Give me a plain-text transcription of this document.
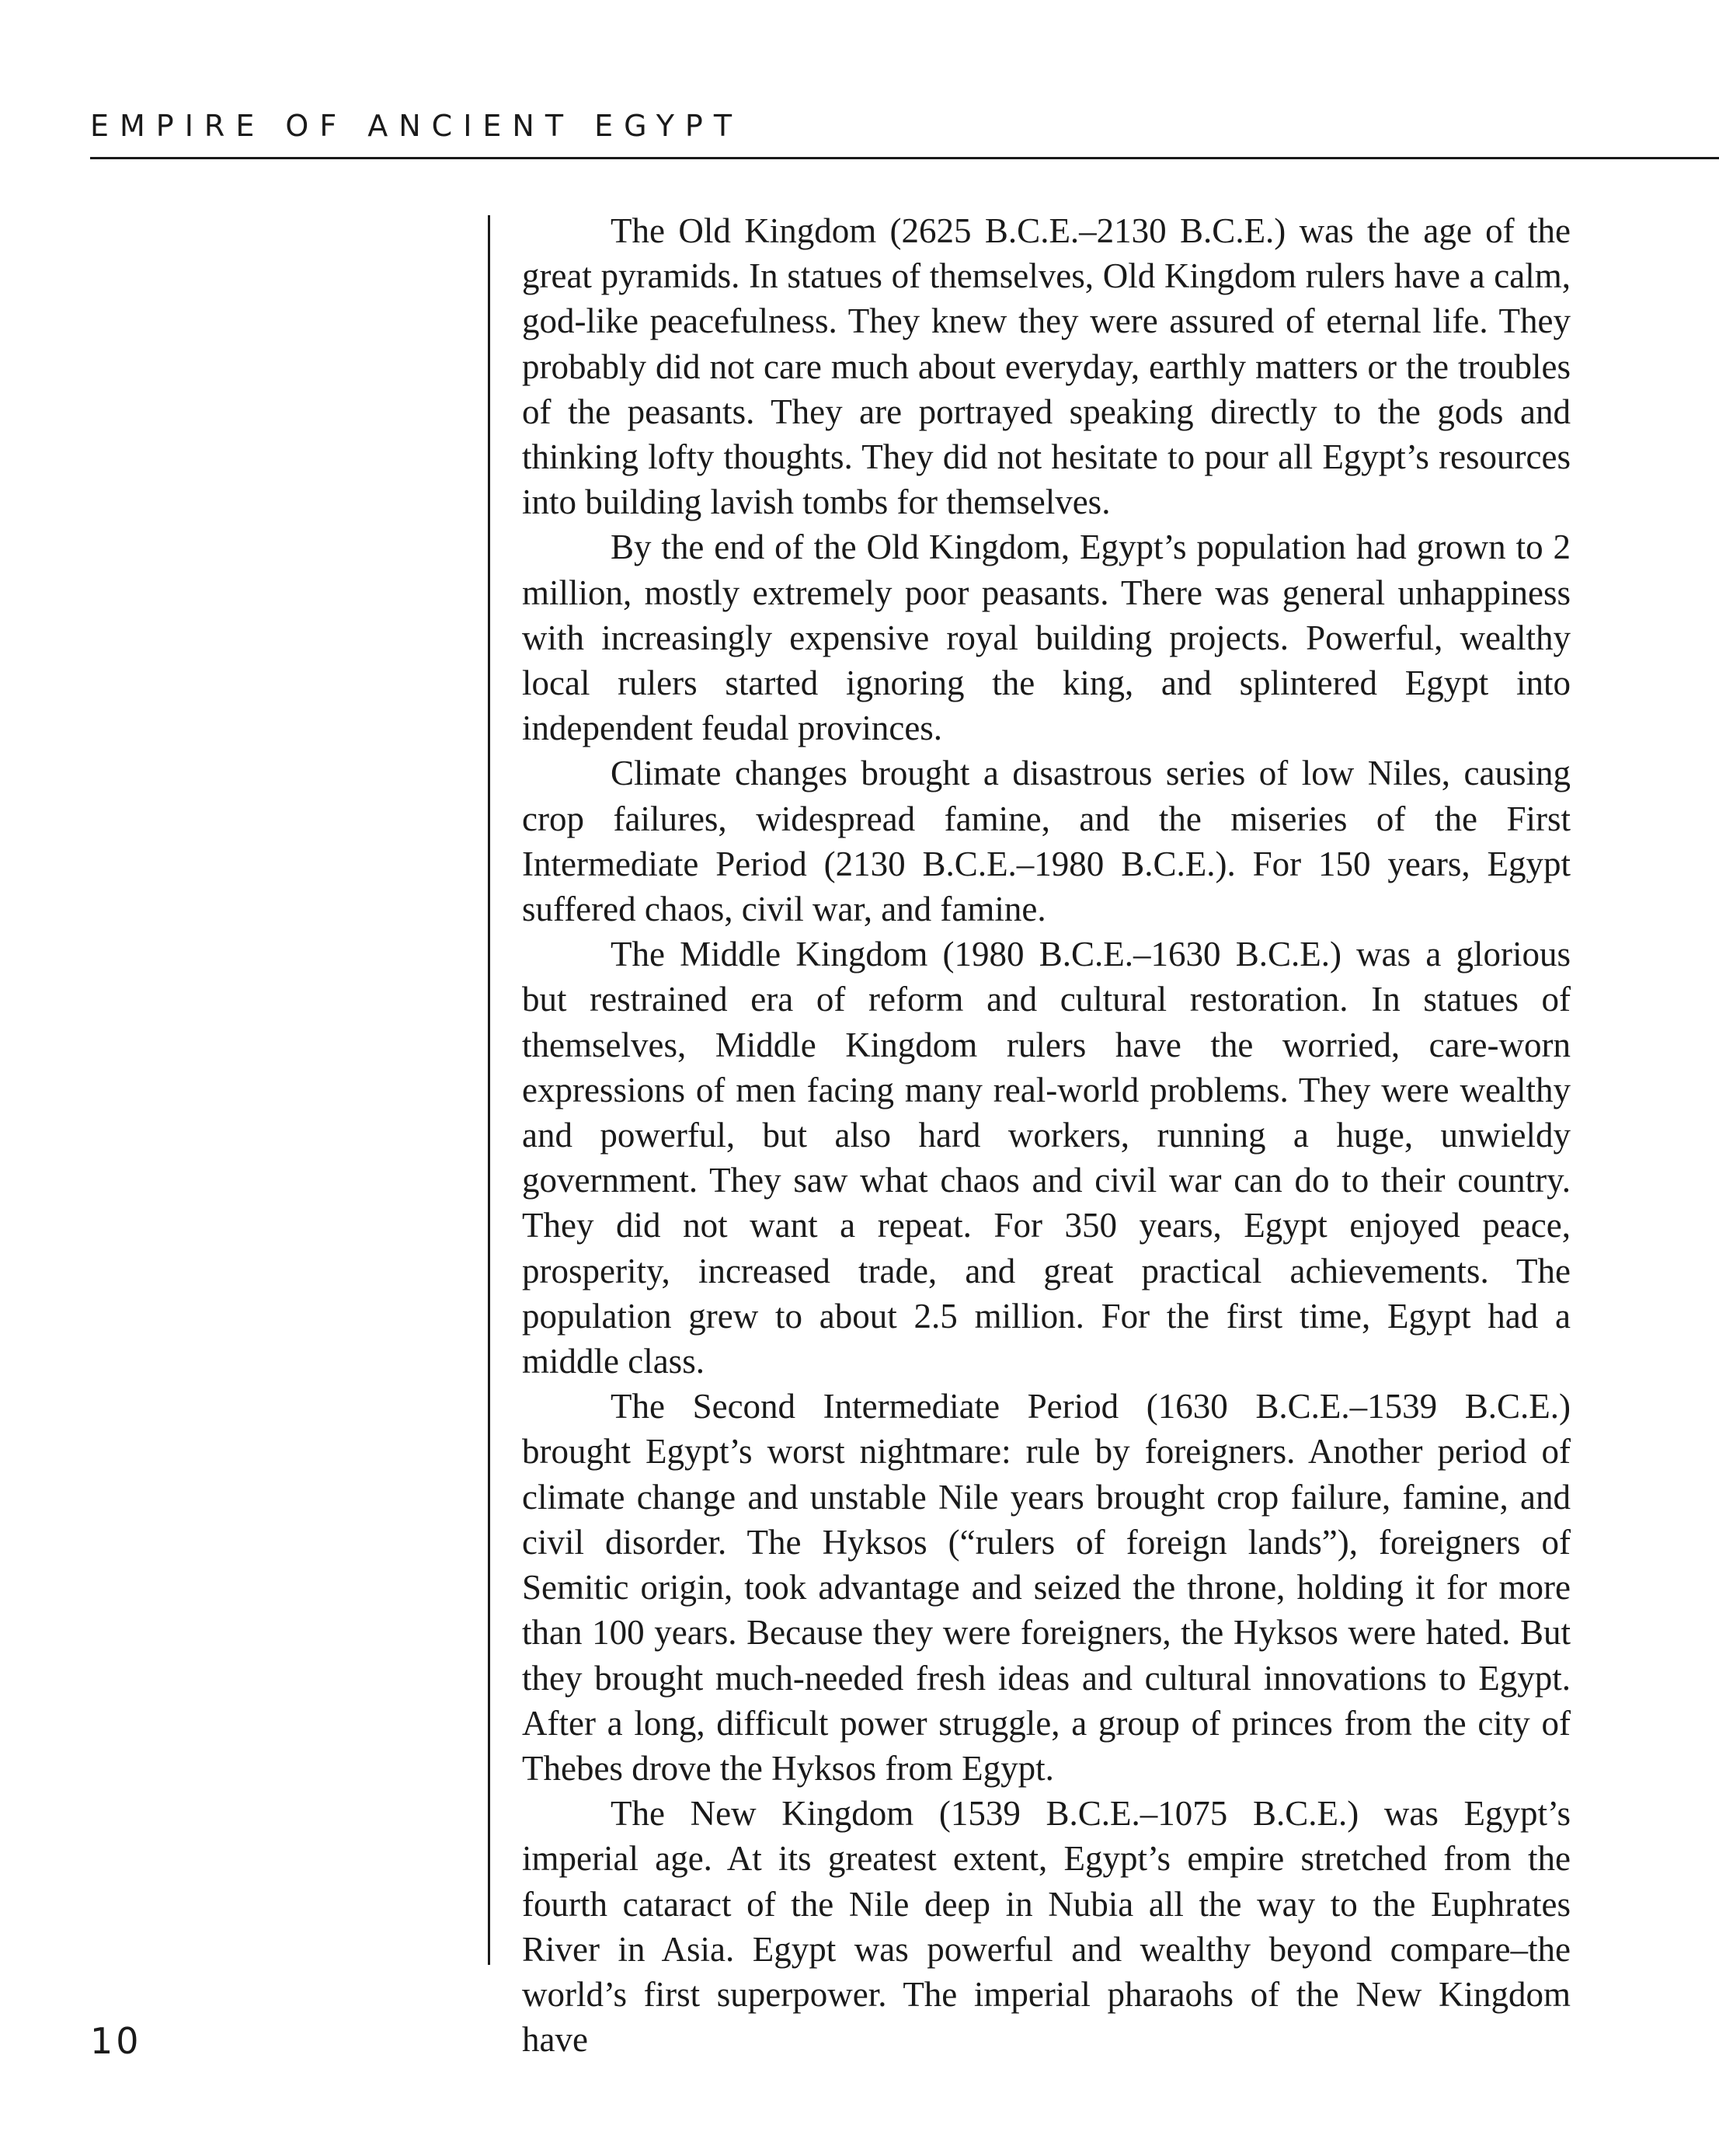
EMPIRE OF ANCIENT EGYPT

The Old Kingdom (2625 B.C.E.–2130 B.C.E.) was the age of the great pyramids. In statues of themselves, Old Kingdom rulers have a calm, god-like peacefulness. They knew they were assured of eternal life. They probably did not care much about everyday, earthly matters or the troubles of the peasants. They are portrayed speaking directly to the gods and thinking lofty thoughts. They did not hesitate to pour all Egypt’s resources into building lavish tombs for themselves.

By the end of the Old Kingdom, Egypt’s population had grown to 2 million, mostly extremely poor peasants. There was general unhappiness with increasingly expensive royal building projects. Powerful, wealthy local rulers started ignoring the king, and splintered Egypt into independent feudal provinces.

Climate changes brought a disastrous series of low Niles, causing crop failures, widespread famine, and the miseries of the First Intermediate Period (2130 B.C.E.–1980 B.C.E.). For 150 years, Egypt suffered chaos, civil war, and famine.

The Middle Kingdom (1980 B.C.E.–1630 B.C.E.) was a glorious but restrained era of reform and cultural restoration. In statues of themselves, Middle Kingdom rulers have the worried, care-worn expressions of men facing many real-world problems. They were wealthy and powerful, but also hard workers, running a huge, unwieldy government. They saw what chaos and civil war can do to their country. They did not want a repeat. For 350 years, Egypt enjoyed peace, prosperity, increased trade, and great practical achievements. The population grew to about 2.5 million. For the first time, Egypt had a middle class.

The Second Intermediate Period (1630 B.C.E.–1539 B.C.E.) brought Egypt’s worst nightmare: rule by foreigners. Another period of climate change and unstable Nile years brought crop failure, famine, and civil disorder. The Hyksos (“rulers of foreign lands”), foreigners of Semitic origin, took advantage and seized the throne, holding it for more than 100 years. Because they were foreigners, the Hyksos were hated. But they brought much-needed fresh ideas and cultural innovations to Egypt. After a long, difficult power struggle, a group of princes from the city of Thebes drove the Hyksos from Egypt.

The New Kingdom (1539 B.C.E.–1075 B.C.E.) was Egypt’s imperial age. At its greatest extent, Egypt’s empire stretched from the fourth cataract of the Nile deep in Nubia all the way to the Euphrates River in Asia. Egypt was powerful and wealthy beyond compare–the world’s first superpower. The imperial pharaohs of the New Kingdom have

10
